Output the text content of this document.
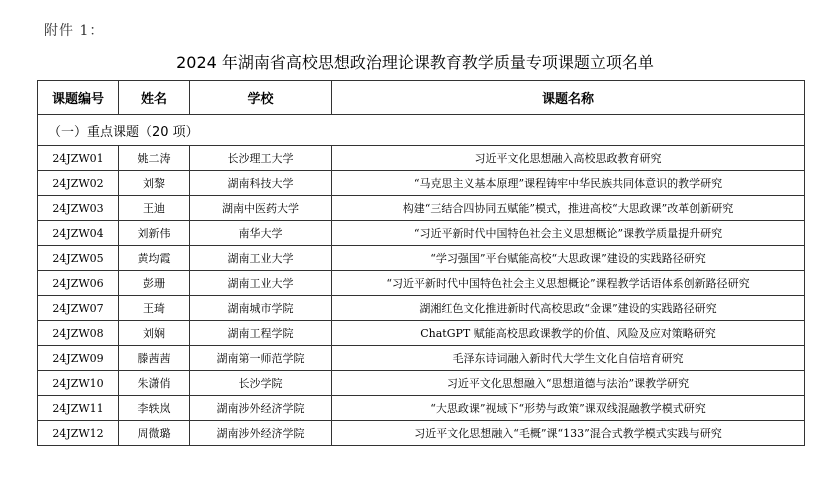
附件 1：
2024 年湖南省高校思想政治理论课教育教学质量专项课题立项名单
课题编号	姓名	学校	课题名称
（一）重点课题（20 项）			
24JZW01	姚二涛	长沙理工大学	习近平文化思想融入高校思政教育研究
24JZW02	刘黎	湖南科技大学	“马克思主义基本原理”课程铸牢中华民族共同体意识的教学研究
24JZW03	王迪	湖南中医药大学	构建“三结合四协同五赋能”模式，推进高校“大思政课”改革创新研究
24JZW04	刘新伟	南华大学	“习近平新时代中国特色社会主义思想概论”课教学质量提升研究
24JZW05	黄均霞	湖南工业大学	“学习强国”平台赋能高校“大思政课”建设的实践路径研究
24JZW06	彭珊	湖南工业大学	“习近平新时代中国特色社会主义思想概论”课程教学话语体系创新路径研究
24JZW07	王琦	湖南城市学院	湖湘红色文化推进新时代高校思政“金课”建设的实践路径研究
24JZW08	刘娴	湖南工程学院	ChatGPT 赋能高校思政课教学的价值、风险及应对策略研究
24JZW09	滕茜茜	湖南第一师范学院	毛泽东诗词融入新时代大学生文化自信培育研究
24JZW10	朱潇俏	长沙学院	习近平文化思想融入“思想道德与法治”课教学研究
24JZW11	李轶岚	湖南涉外经济学院	“大思政课”视域下“形势与政策”课双线混融教学模式研究
24JZW12	周微璐	湖南涉外经济学院	习近平文化思想融入“毛概”课“133”混合式教学模式实践与研究
